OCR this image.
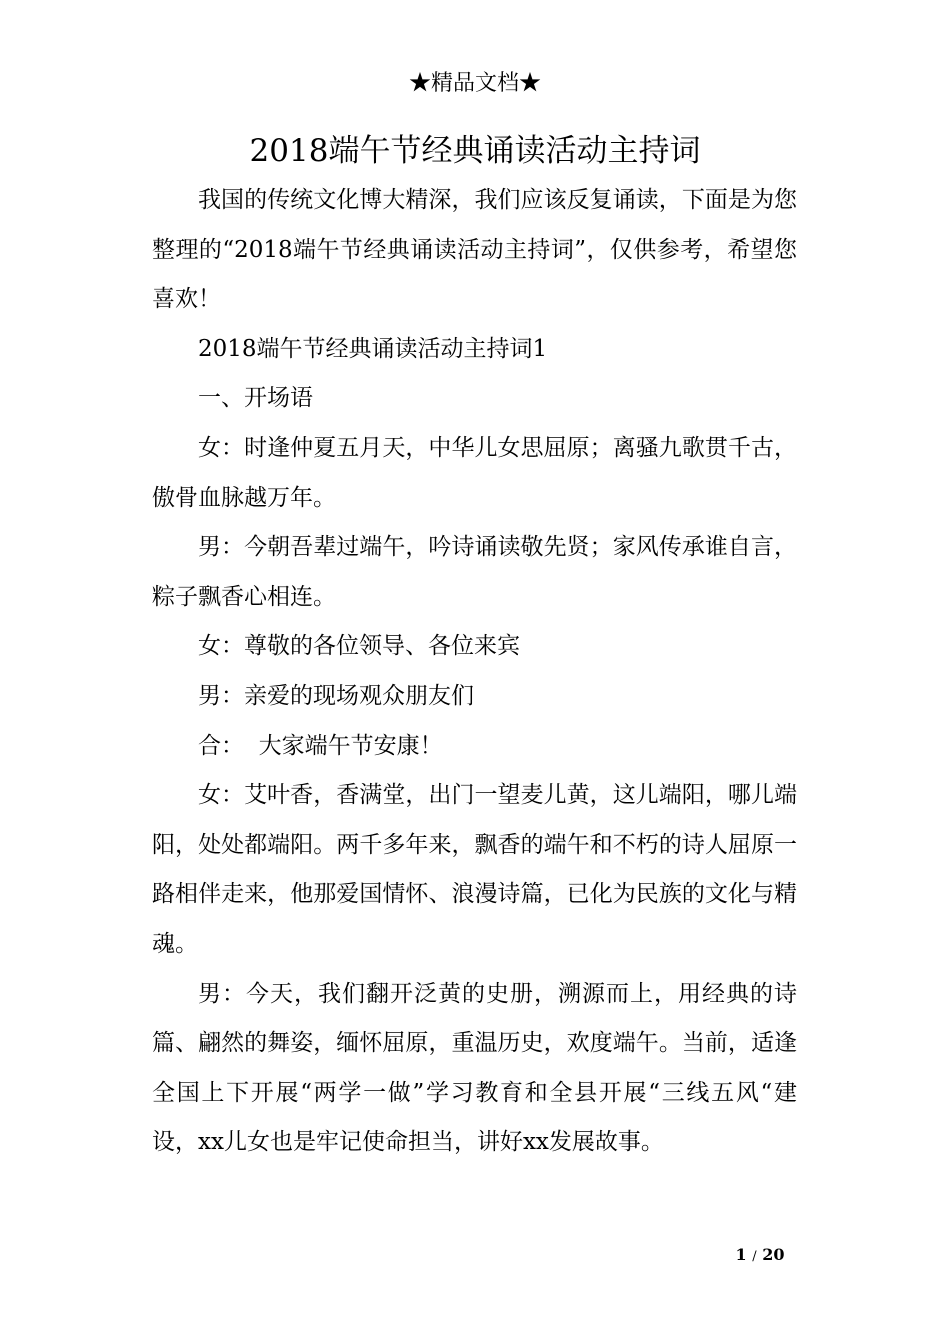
★精品文档★
2018端午节经典诵读活动主持词

我国的传统文化博大精深，我们应该反复诵读，下面是为您整理的“2018端午节经典诵读活动主持词”，仅供参考，希望您喜欢！

2018端午节经典诵读活动主持词1

一、开场语

女：时逢仲夏五月天，中华儿女思屈原；离骚九歌贯千古，傲骨血脉越万年。

男：今朝吾辈过端午，吟诗诵读敬先贤；家风传承谁自言，粽子飘香心相连。

女：尊敬的各位领导、各位来宾

男：亲爱的现场观众朋友们

合：  大家端午节安康！

女：艾叶香，香满堂，出门一望麦儿黄，这儿端阳，哪儿端阳，处处都端阳。两千多年来，飘香的端午和不朽的诗人屈原一路相伴走来，他那爱国情怀、浪漫诗篇，已化为民族的文化与精魂。

男：今天，我们翻开泛黄的史册，溯源而上，用经典的诗篇、翩然的舞姿，缅怀屈原，重温历史，欢度端午。当前，适逢全国上下开展“两学一做”学习教育和全县开展“三线五风“建设，xx儿女也是牢记使命担当，讲好xx发展故事。

1 / 20
